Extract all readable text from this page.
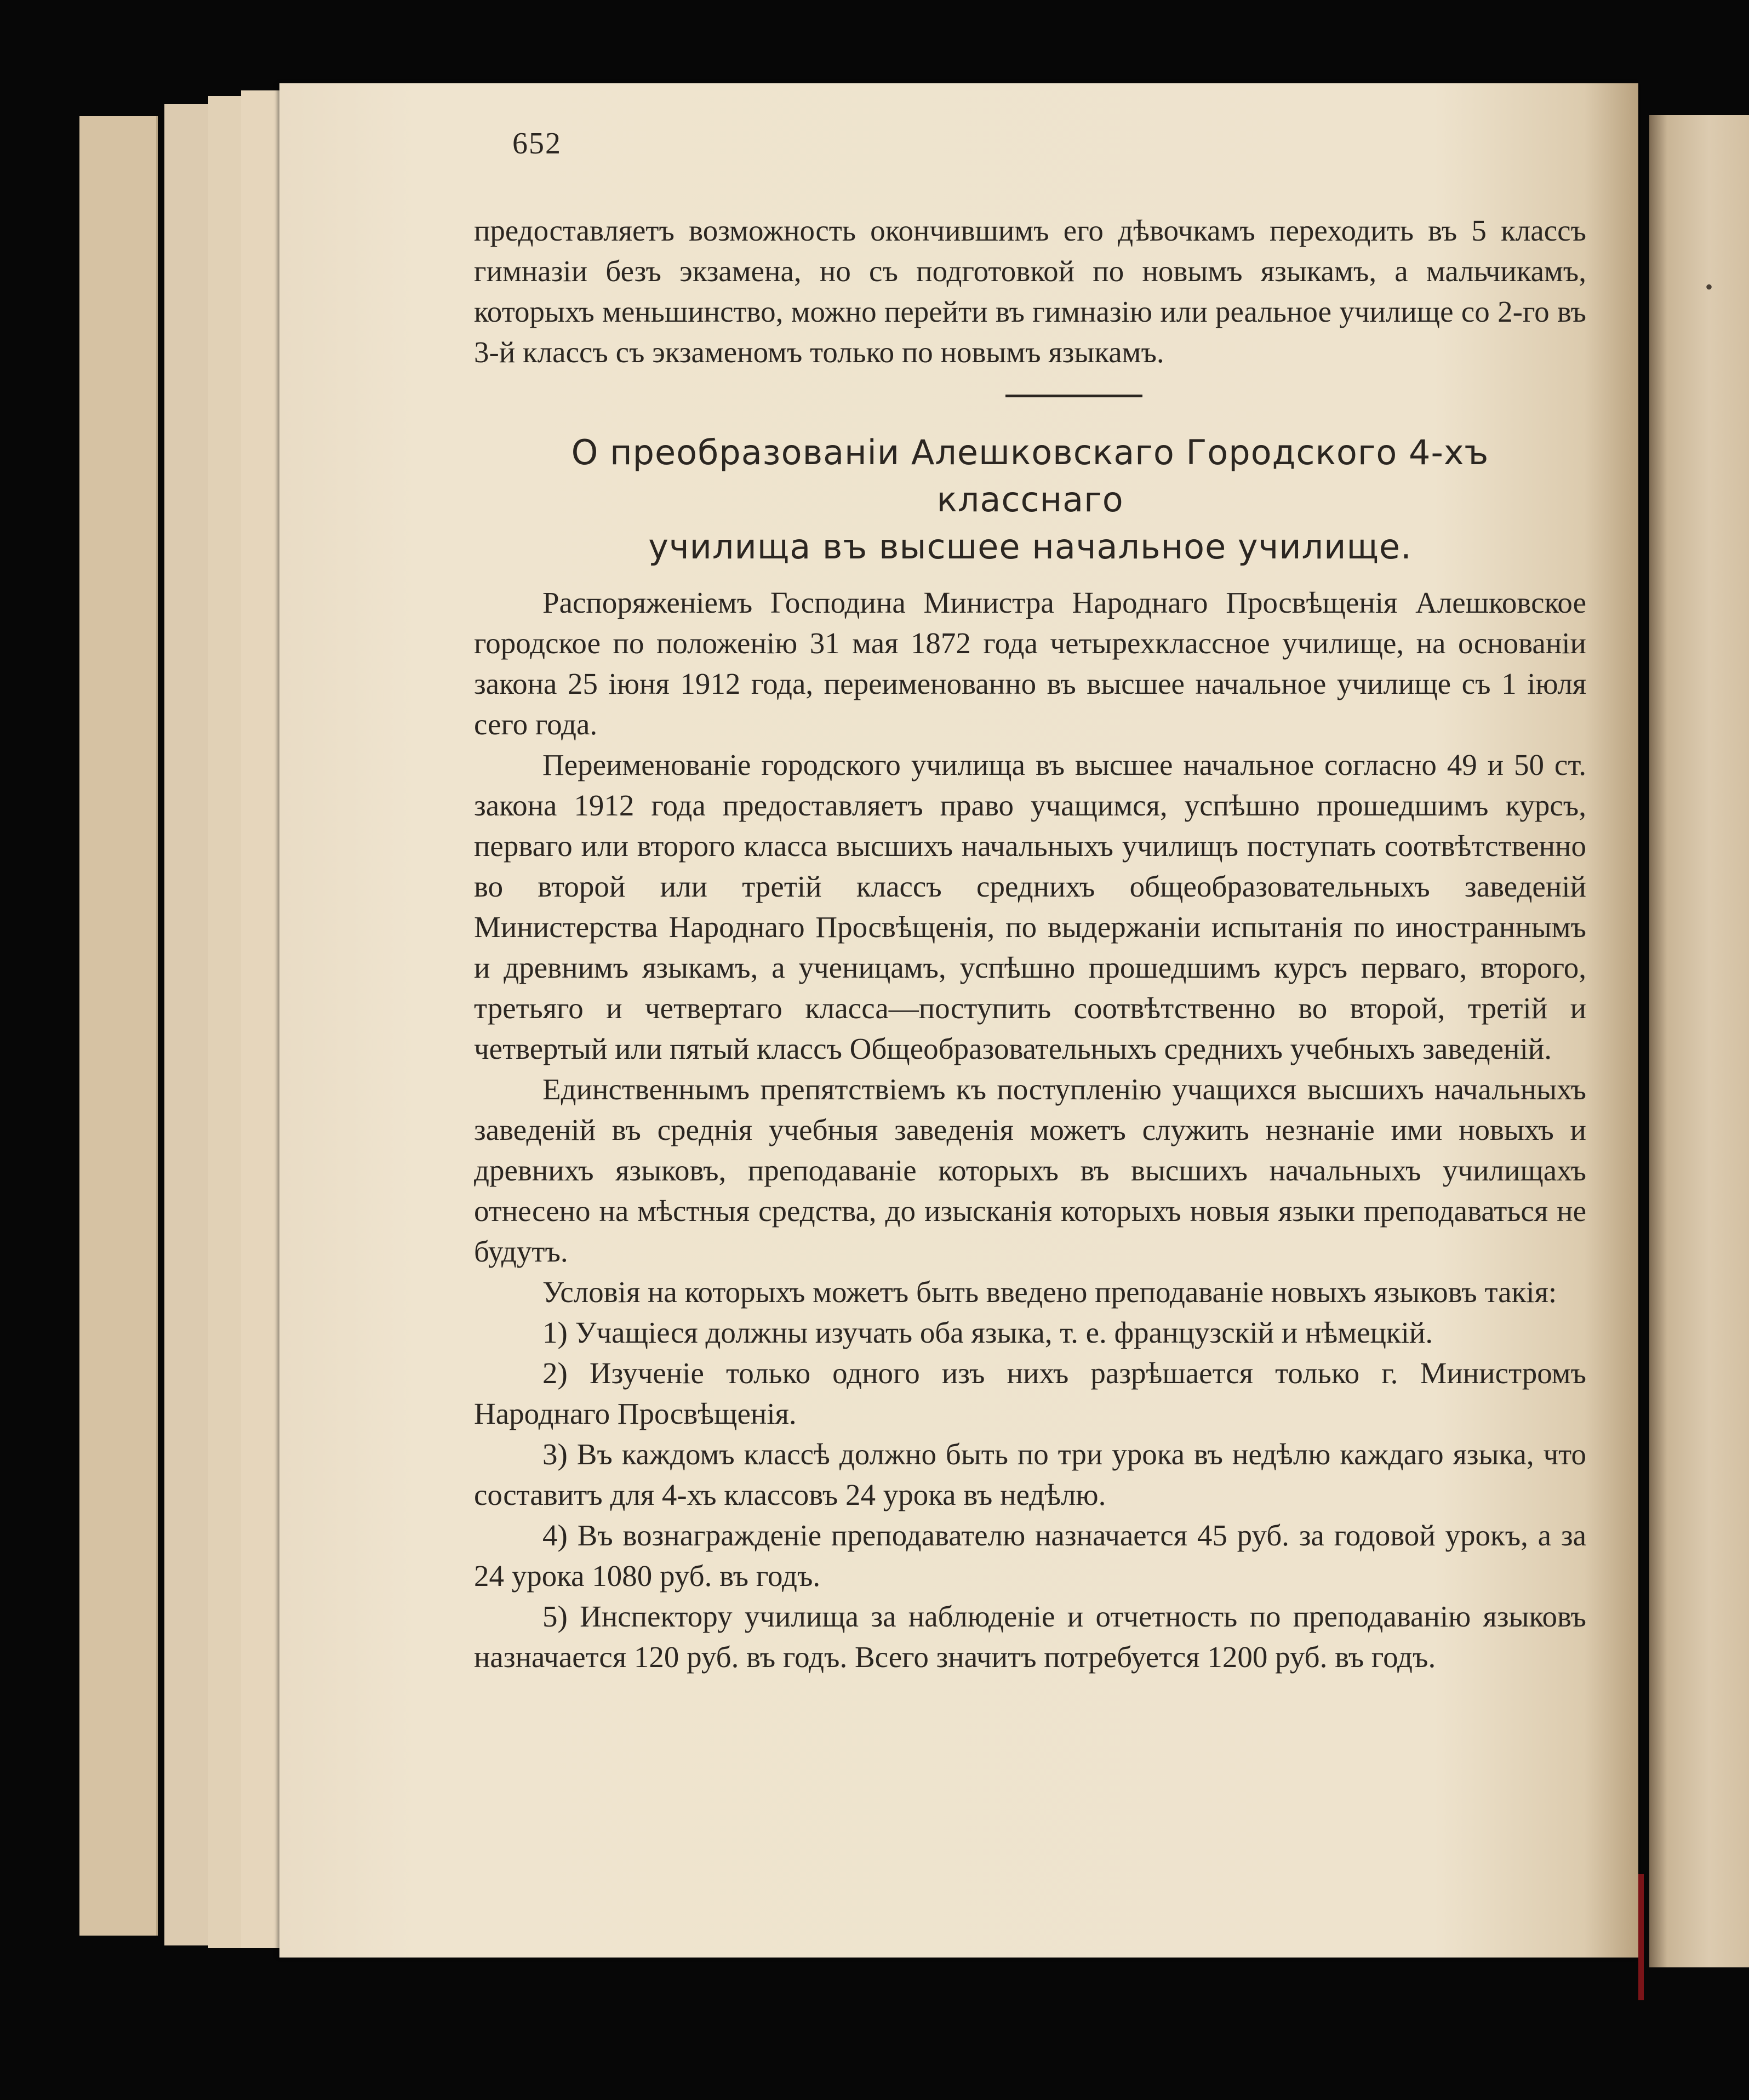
•
652

предоставляетъ возможность окончившимъ его дѣвочкамъ переходить въ 5 классъ гимназiи безъ экзамена, но съ подготовкой по новымъ языкамъ, а мальчикамъ, которыхъ меньшинство, можно перейти въ гимназiю или реальное училище со 2-го въ 3-й классъ съ экзаменомъ только по новымъ языкамъ.

О преобразованiи Алешковскаго Городского 4-хъ класснаго
училища въ высшее начальное училище.

Распоряженiемъ Господина Министра Народнаго Просвѣщенiя Алешковское городское по положенiю 31 мая 1872 года четырехклассное училище, на основанiи закона 25 iюня 1912 года, переименованно въ высшее начальное училище съ 1 iюля сего года.

Переименованiе городского училища въ высшее начальное согласно 49 и 50 ст. закона 1912 года предоставляетъ право учащимся, успѣшно прошедшимъ курсъ, перваго или второго класса высшихъ начальныхъ училищъ поступать соотвѣтственно во второй или третiй классъ среднихъ общеобразовательныхъ заведенiй Министерства Народнаго Просвѣщенiя, по выдержанiи испытанiя по иностраннымъ и древнимъ языкамъ, а ученицамъ, успѣшно прошедшимъ курсъ перваго, второго, третьяго и четвертаго класса—поступить соотвѣтственно во второй, третiй и четвертый или пятый классъ Общеобразовательныхъ среднихъ учебныхъ заведенiй.

Единственнымъ препятствiемъ къ поступленiю учащихся высшихъ начальныхъ заведенiй въ среднiя учебныя заведенiя можетъ служить незнанiе ими новыхъ и древнихъ языковъ, преподаванiе которыхъ въ высшихъ начальныхъ училищахъ отнесено на мѣстныя средства, до изысканiя которыхъ новыя языки преподаваться не будутъ.

Условiя на которыхъ можетъ быть введено преподаванiе новыхъ языковъ такiя:

1) Учащiеся должны изучать оба языка, т. е. французскiй и нѣмецкiй.

2) Изученiе только одного изъ нихъ разрѣшается только г. Министромъ Народнаго Просвѣщенiя.

3) Въ каждомъ классѣ должно быть по три урока въ недѣлю каждаго языка, что составитъ для 4-хъ классовъ 24 урока въ недѣлю.

4) Въ вознагражденiе преподавателю назначается 45 руб. за годовой урокъ, а за 24 урока 1080 руб. въ годъ.

5) Инспектору училища за наблюденiе и отчетность по преподаванiю языковъ назначается 120 руб. въ годъ. Всего значитъ потребуется 1200 руб. въ годъ.
